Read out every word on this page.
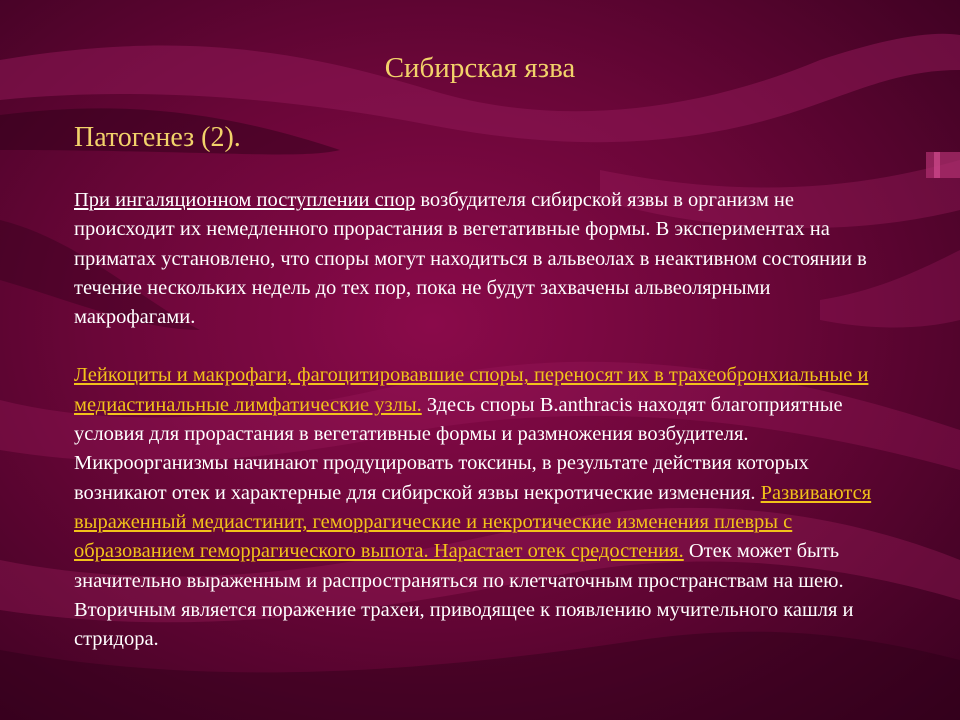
Сибирская язва
Патогенез (2).

При ингаляционном поступлении спор возбудителя сибирской язвы в организм не происходит их немедленного прорастания в вегетативные формы. В экспериментах на приматах установлено, что споры могут находиться в альвеолах в неактивном состоянии в течение нескольких недель до тех пор, пока не будут захвачены альвеолярными макрофагами.

Лейкоциты и макрофаги, фагоцитировавшие споры, переносят их в трахеобронхиальные и медиастинальные лимфатические узлы. Здесь споры B.anthracis находят благоприятные условия для прорастания в вегетативные формы и размножения возбудителя. Микроорганизмы начинают продуцировать токсины, в результате действия которых возникают отек и характерные для сибирской язвы некротические изменения. Развиваются выраженный медиастинит, геморрагические и некротические изменения плевры с образованием геморрагического выпота. Нарастает отек средостения. Отек может быть значительно выраженным и распространяться по клетчаточным пространствам на шею. Вторичным является поражение трахеи, приводящее к появлению мучительного кашля и стридора.
